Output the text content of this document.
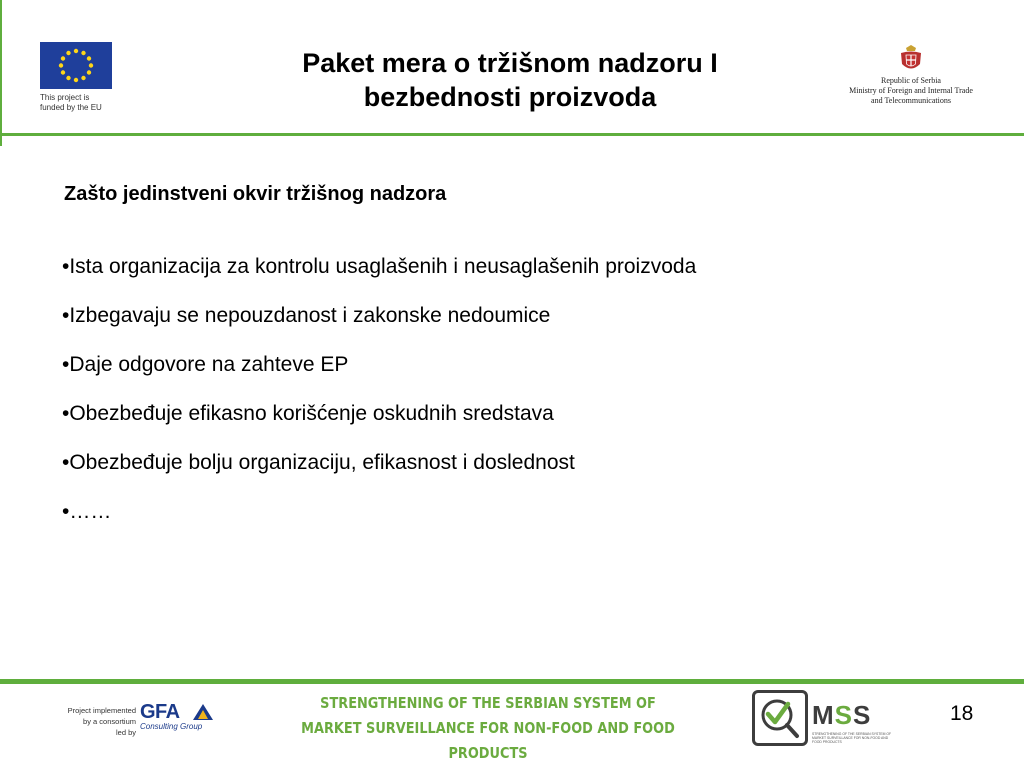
This project is
funded by the EU
Paket mera o tržišnom nadzoru I
bezbednosti proizvoda
Republic of Serbia
Ministry of Foreign and Internal Trade
and Telecommunications
Zašto jedinstveni okvir tržišnog nadzora
•Ista organizacija za kontrolu usaglašenih i neusaglašenih proizvoda
•Izbegavaju se nepouzdanost i zakonske nedoumice
•Daje odgovore na zahteve EP
•Obezbeđuje efikasno korišćenje oskudnih sredstava
•Obezbeđuje bolju organizaciju, efikasnost i doslednost
•……
Project implemented
by a consortium
led by
GFA
Consulting Group
STRENGTHENING OF THE SERBIAN SYSTEM OF
MARKET SURVEILLANCE FOR NON-FOOD AND FOOD PRODUCTS
MSS
STRENGTHENING OF THE SERBIAN SYSTEM OF MARKET SURVEILLANCE FOR NON-FOOD AND FOOD PRODUCTS
18
